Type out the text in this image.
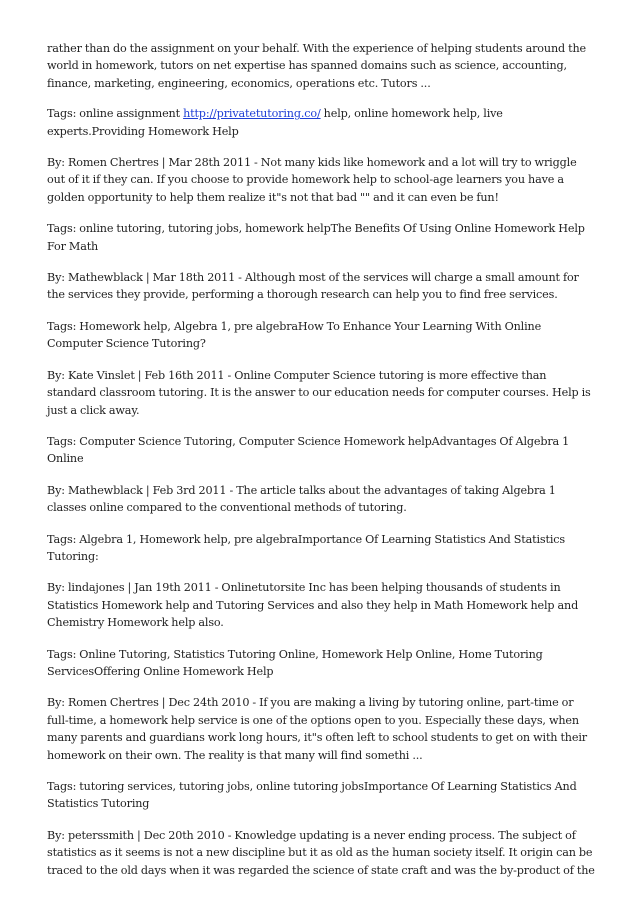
rather than do the assignment on your behalf. With the experience of helping students around the world in homework, tutors on net expertise has spanned domains such as science, accounting, finance, marketing, engineering, economics, operations etc. Tutors ...

Tags: online assignment http://privatetutoring.co/ help, online homework help, live experts.Providing Homework Help

By: Romen Chertres | Mar 28th 2011 - Not many kids like homework and a lot will try to wriggle out of it if they can. If you choose to provide homework help to school-age learners you have a golden opportunity to help them realize it"s not that bad "" and it can even be fun!

Tags: online tutoring, tutoring jobs, homework helpThe Benefits Of Using Online Homework Help For Math

By: Mathewblack | Mar 18th 2011 - Although most of the services will charge a small amount for the services they provide, performing a thorough research can help you to find free services.

Tags: Homework help, Algebra 1, pre algebraHow To Enhance Your Learning With Online Computer Science Tutoring?

By: Kate Vinslet | Feb 16th 2011 - Online Computer Science tutoring is more effective than standard classroom tutoring. It is the answer to our education needs for computer courses. Help is just a click away.

Tags: Computer Science Tutoring, Computer Science Homework helpAdvantages Of Algebra 1 Online

By: Mathewblack | Feb 3rd 2011 - The article talks about the advantages of taking Algebra 1 classes online compared to the conventional methods of tutoring.

Tags: Algebra 1, Homework help, pre algebraImportance Of Learning Statistics And Statistics Tutoring:

By: lindajones | Jan 19th 2011 - Onlinetutorsite Inc has been helping thousands of students in Statistics Homework help and Tutoring Services and also they help in Math Homework help and Chemistry Homework help also.

Tags: Online Tutoring, Statistics Tutoring Online, Homework Help Online, Home Tutoring ServicesOffering Online Homework Help

By: Romen Chertres | Dec 24th 2010 - If you are making a living by tutoring online, part-time or full-time, a homework help service is one of the options open to you. Especially these days, when many parents and guardians work long hours, it"s often left to school students to get on with their homework on their own. The reality is that many will find somethi ...

Tags: tutoring services, tutoring jobs, online tutoring jobsImportance Of Learning Statistics And Statistics Tutoring

By: peterssmith | Dec 20th 2010 - Knowledge updating is a never ending process. The subject of statistics as it seems is not a new discipline but it as old as the human society itself. It origin can be traced to the old days when it was regarded the science of state craft and was the by-product of the
